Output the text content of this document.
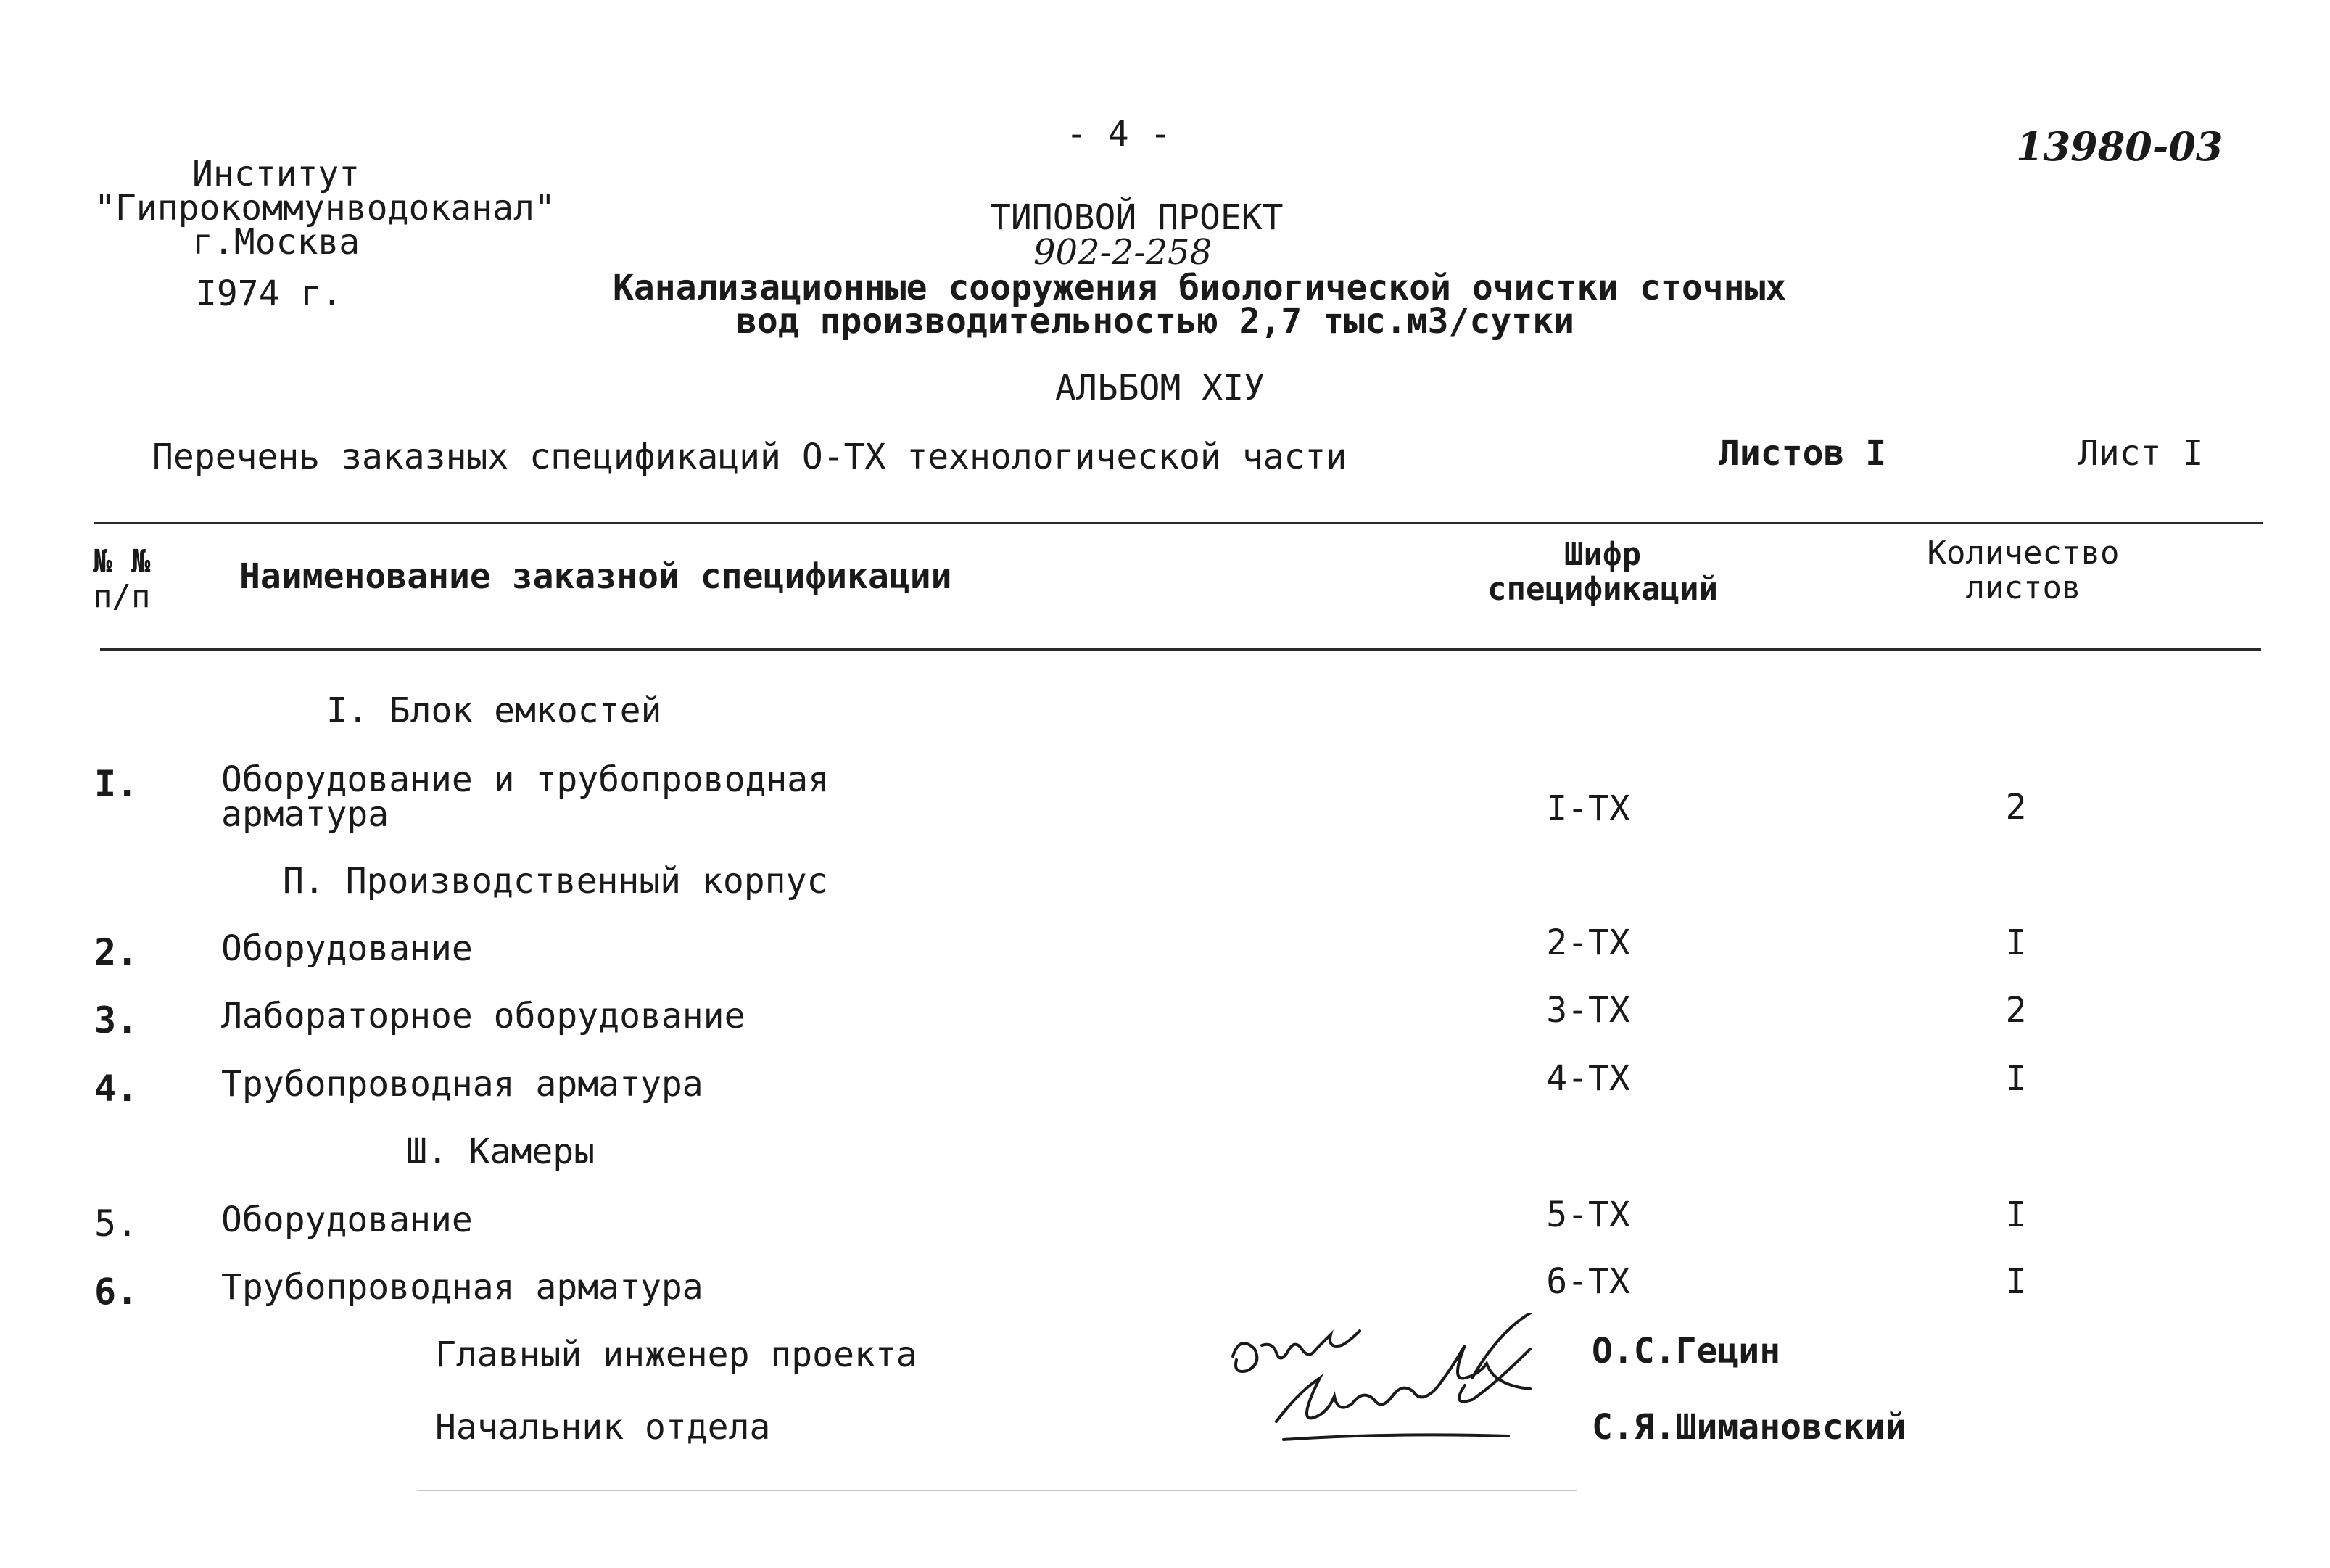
- 4 -	13980-03
Институт
"Гипрокоммунводоканал"
г.Москва
I974 г.
ТИПОВОЙ ПРОЕКТ
902-2-258
Канализационные сооружения биологической очистки сточных
вод производительностью 2,7 тыс.м3/сутки
АЛЬБОМ XIУ
Перечень заказных спецификаций О-ТХ технологической части	Листов I	Лист I
№ №
п/п	Наименование заказной спецификации
Шифр
спецификаций
Количество
листов
I. Блок емкостей
I. Оборудование и трубопроводная
арматура	I-ТХ	2
П. Производственный корпус
2. Оборудование	2-ТХ	I
3. Лабораторное оборудование	3-ТХ	2
4. Трубопроводная арматура	4-ТХ	I
Ш. Камеры
5. Оборудование	5-ТХ	I
6. Трубопроводная арматура	6-ТХ	I
Главный инженер проекта	О.С.Гецин
Начальник отдела	С.Я.Шимановский
